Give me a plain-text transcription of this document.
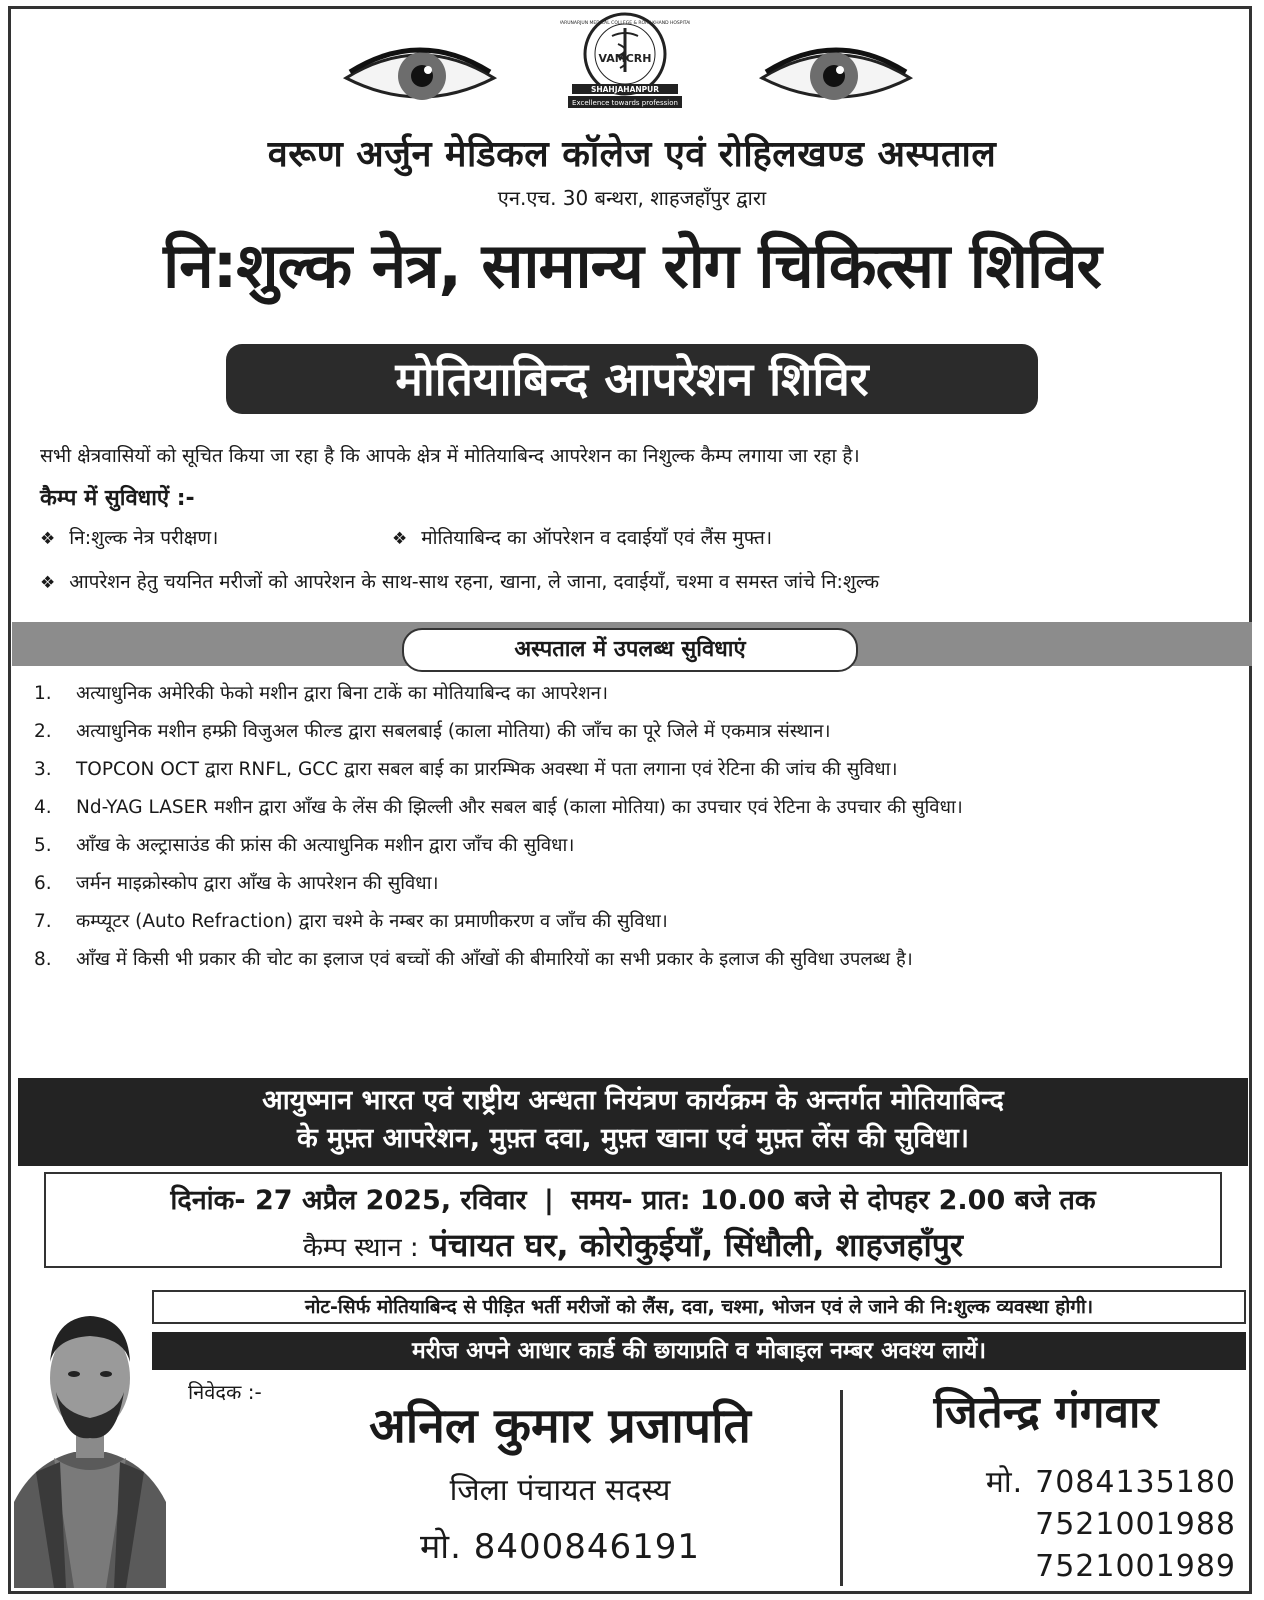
VARUNARJUN MEDICAL COLLEGE & ROHILKHAND HOSPITAL
VAMCRH
SHAHJAHANPUR
Excellence towards profession
वरूण अर्जुन मेडिकल कॉलेज एवं रोहिलखण्ड अस्पताल
एन.एच. 30 बन्थरा, शाहजहाँपुर द्वारा
नि:शुल्क नेत्र, सामान्य रोग चिकित्सा शिविर
मोतियाबिन्द आपरेशन शिविर
सभी क्षेत्रवासियों को सूचित किया जा रहा है कि आपके क्षेत्र में मोतियाबिन्द आपरेशन का निशुल्क कैम्प लगाया जा रहा है।
कैम्प में सुविधाऐं :-
❖ नि:शुल्क नेत्र परीक्षण।	❖ मोतियाबिन्द का ऑपरेशन व दवाईयाँ एवं लैंस मुफ्त।
❖ आपरेशन हेतु चयनित मरीजों को आपरेशन के साथ-साथ रहना, खाना, ले जाना, दवाईयाँ, चश्मा व समस्त जांचे नि:शुल्क
अस्पताल में उपलब्ध सुविधाएं
1.	अत्याधुनिक अमेरिकी फेको मशीन द्वारा बिना टाकें का मोतियाबिन्द का आपरेशन।
2.	अत्याधुनिक मशीन हम्फ्री विजुअल फील्ड द्वारा सबलबाई (काला मोतिया) की जाँच का पूरे जिले में एकमात्र संस्थान।
3.	TOPCON OCT द्वारा RNFL, GCC द्वारा सबल बाई का प्रारम्भिक अवस्था में पता लगाना एवं रेटिना की जांच की सुविधा।
4.	Nd-YAG LASER मशीन द्वारा आँख के लेंस की झिल्ली और सबल बाई (काला मोतिया) का उपचार एवं रेटिना के उपचार की सुविधा।
5.	आँख के अल्ट्रासाउंड की फ्रांस की अत्याधुनिक मशीन द्वारा जाँच की सुविधा।
6.	जर्मन माइक्रोस्कोप द्वारा आँख के आपरेशन की सुविधा।
7.	कम्प्यूटर (Auto Refraction) द्वारा चश्मे के नम्बर का प्रमाणीकरण व जाँच की सुविधा।
8.	आँख में किसी भी प्रकार की चोट का इलाज एवं बच्चों की आँखों की बीमारियों का सभी प्रकार के इलाज की सुविधा उपलब्ध है।
आयुष्मान भारत एवं राष्ट्रीय अन्धता नियंत्रण कार्यक्रम के अन्तर्गत मोतियाबिन्द
के मुफ़्त आपरेशन, मुफ़्त दवा, मुफ़्त खाना एवं मुफ़्त लेंस की सुविधा।
दिनांक- 27 अप्रैल 2025, रविवार | समय- प्रात: 10.00 बजे से दोपहर 2.00 बजे तक
कैम्प स्थान : पंचायत घर, कोरोकुईयाँ, सिंधौली, शाहजहाँपुर
नोट-सिर्फ मोतियाबिन्द से पीड़ित भर्ती मरीजों को लैंस, दवा, चश्मा, भोजन एवं ले जाने की नि:शुल्क व्यवस्था होगी।
मरीज अपने आधार कार्ड की छायाप्रति व मोबाइल नम्बर अवश्य लायें।
निवेदक :-
अनिल कुमार प्रजापति
जिला पंचायत सदस्य
मो. 8400846191
जितेन्द्र गंगवार
मो. 7084135180
7521001988
7521001989
